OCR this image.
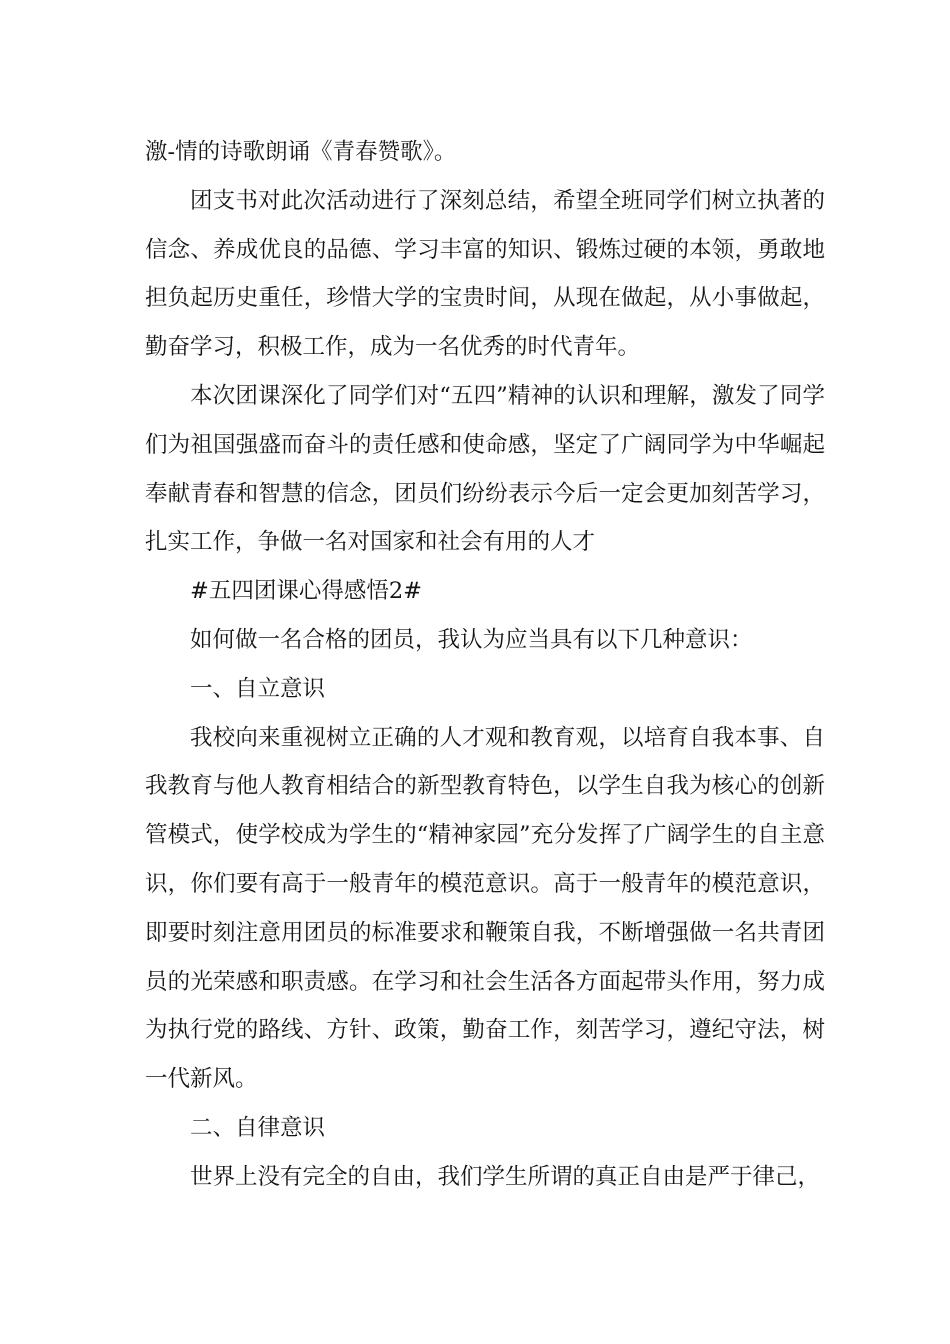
激-情的诗歌朗诵《青春赞歌》。

团支书对此次活动进行了深刻总结，希望全班同学们树立执著的信念、养成优良的品德、学习丰富的知识、锻炼过硬的本领，勇敢地担负起历史重任，珍惜大学的宝贵时间，从现在做起，从小事做起，勤奋学习，积极工作，成为一名优秀的时代青年。

本次团课深化了同学们对“五四”精神的认识和理解，激发了同学们为祖国强盛而奋斗的责任感和使命感，坚定了广阔同学为中华崛起奉献青春和智慧的信念，团员们纷纷表示今后一定会更加刻苦学习，扎实工作，争做一名对国家和社会有用的人才

#五四团课心得感悟2#

如何做一名合格的团员，我认为应当具有以下几种意识：

一、自立意识

我校向来重视树立正确的人才观和教育观，以培育自我本事、自我教育与他人教育相结合的新型教育特色，以学生自我为核心的创新管模式，使学校成为学生的“精神家园”充分发挥了广阔学生的自主意识，你们要有高于一般青年的模范意识。高于一般青年的模范意识，即要时刻注意用团员的标准要求和鞭策自我，不断增强做一名共青团员的光荣感和职责感。在学习和社会生活各方面起带头作用，努力成为执行党的路线、方针、政策，勤奋工作，刻苦学习，遵纪守法，树一代新风。

二、自律意识

世界上没有完全的自由，我们学生所谓的真正自由是严于律己，
